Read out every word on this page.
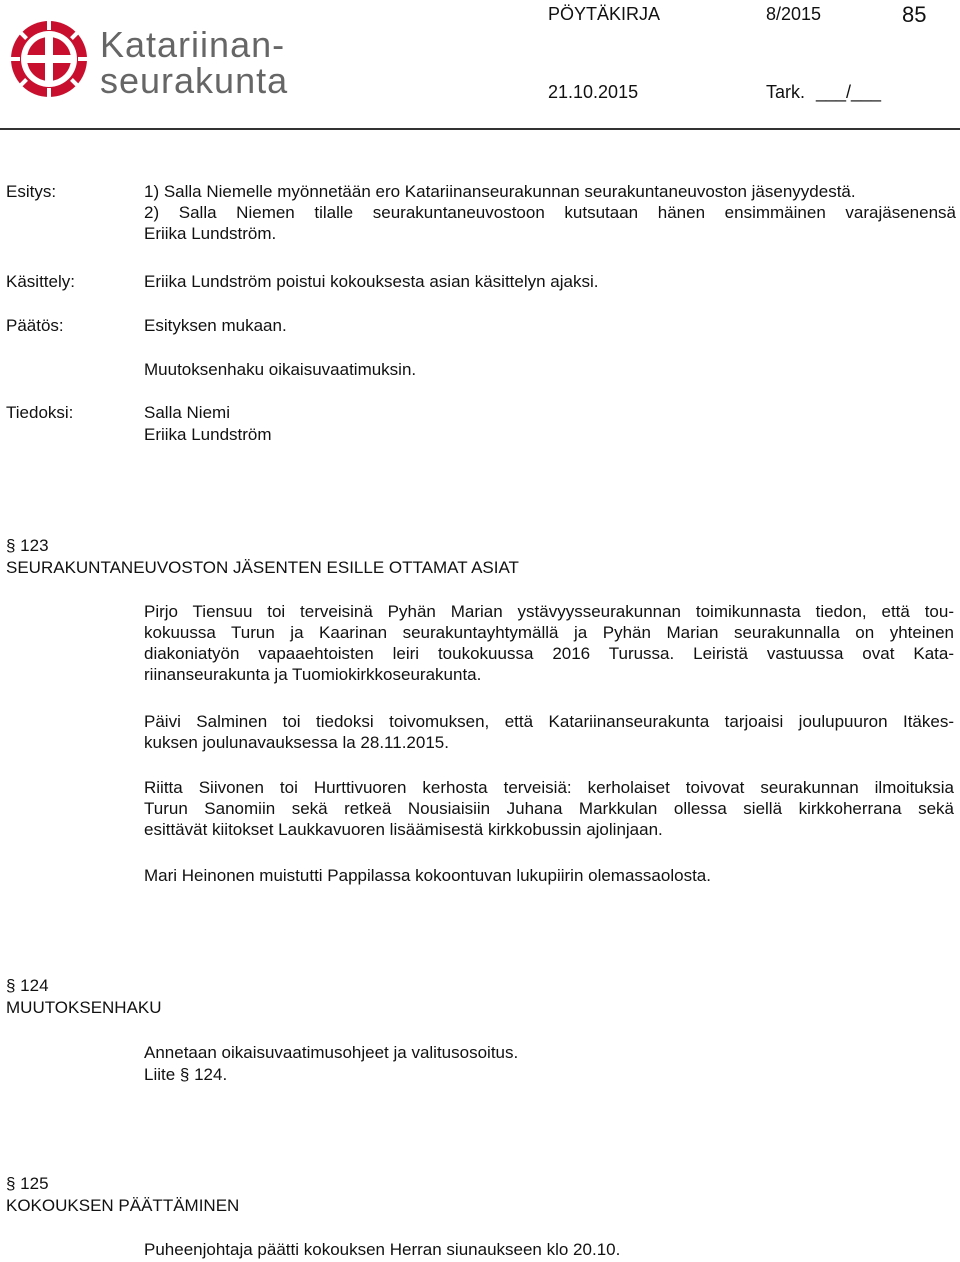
Katariinan-
seurakunta
PÖYTÄKIRJA	8/2015	85
21.10.2015	Tark. ___/___
Esitys:	1) Salla Niemelle myönnetään ero Katariinanseurakunnan seurakuntaneuvoston jäsenyydestä.
2) Salla Niemen tilalle seurakuntaneuvostoon kutsutaan hänen ensimmäinen varajäsenensä
Eriika Lundström.
Käsittely:	Eriika Lundström poistui kokouksesta asian käsittelyn ajaksi.
Päätös:	Esityksen mukaan.
Muutoksenhaku oikaisuvaatimuksin.
Tiedoksi:	Salla Niemi
Eriika Lundström
§ 123
SEURAKUNTANEUVOSTON JÄSENTEN ESILLE OTTAMAT ASIAT
Pirjo Tiensuu toi terveisinä Pyhän Marian ystävyysseurakunnan toimikunnasta tiedon, että tou-
kokuussa Turun ja Kaarinan seurakuntayhtymällä ja Pyhän Marian seurakunnalla on yhteinen
diakoniatyön vapaaehtoisten leiri toukokuussa 2016 Turussa. Leiristä vastuussa ovat Kata-
riinanseurakunta ja Tuomiokirkkoseurakunta.
Päivi Salminen toi tiedoksi toivomuksen, että Katariinanseurakunta tarjoaisi joulupuuron Itäkes-
kuksen joulunavauksessa la 28.11.2015.
Riitta Siivonen toi Hurttivuoren kerhosta terveisiä: kerholaiset toivovat seurakunnan ilmoituksia
Turun Sanomiin sekä retkeä Nousiaisiin Juhana Markkulan ollessa siellä kirkkoherrana sekä
esittävät kiitokset Laukkavuoren lisäämisestä kirkkobussin ajolinjaan.
Mari Heinonen muistutti Pappilassa kokoontuvan lukupiirin olemassaolosta.
§ 124
MUUTOKSENHAKU
Annetaan oikaisuvaatimusohjeet ja valitusosoitus.
Liite § 124.
§ 125
KOKOUKSEN PÄÄTTÄMINEN
Puheenjohtaja päätti kokouksen Herran siunaukseen klo 20.10.
